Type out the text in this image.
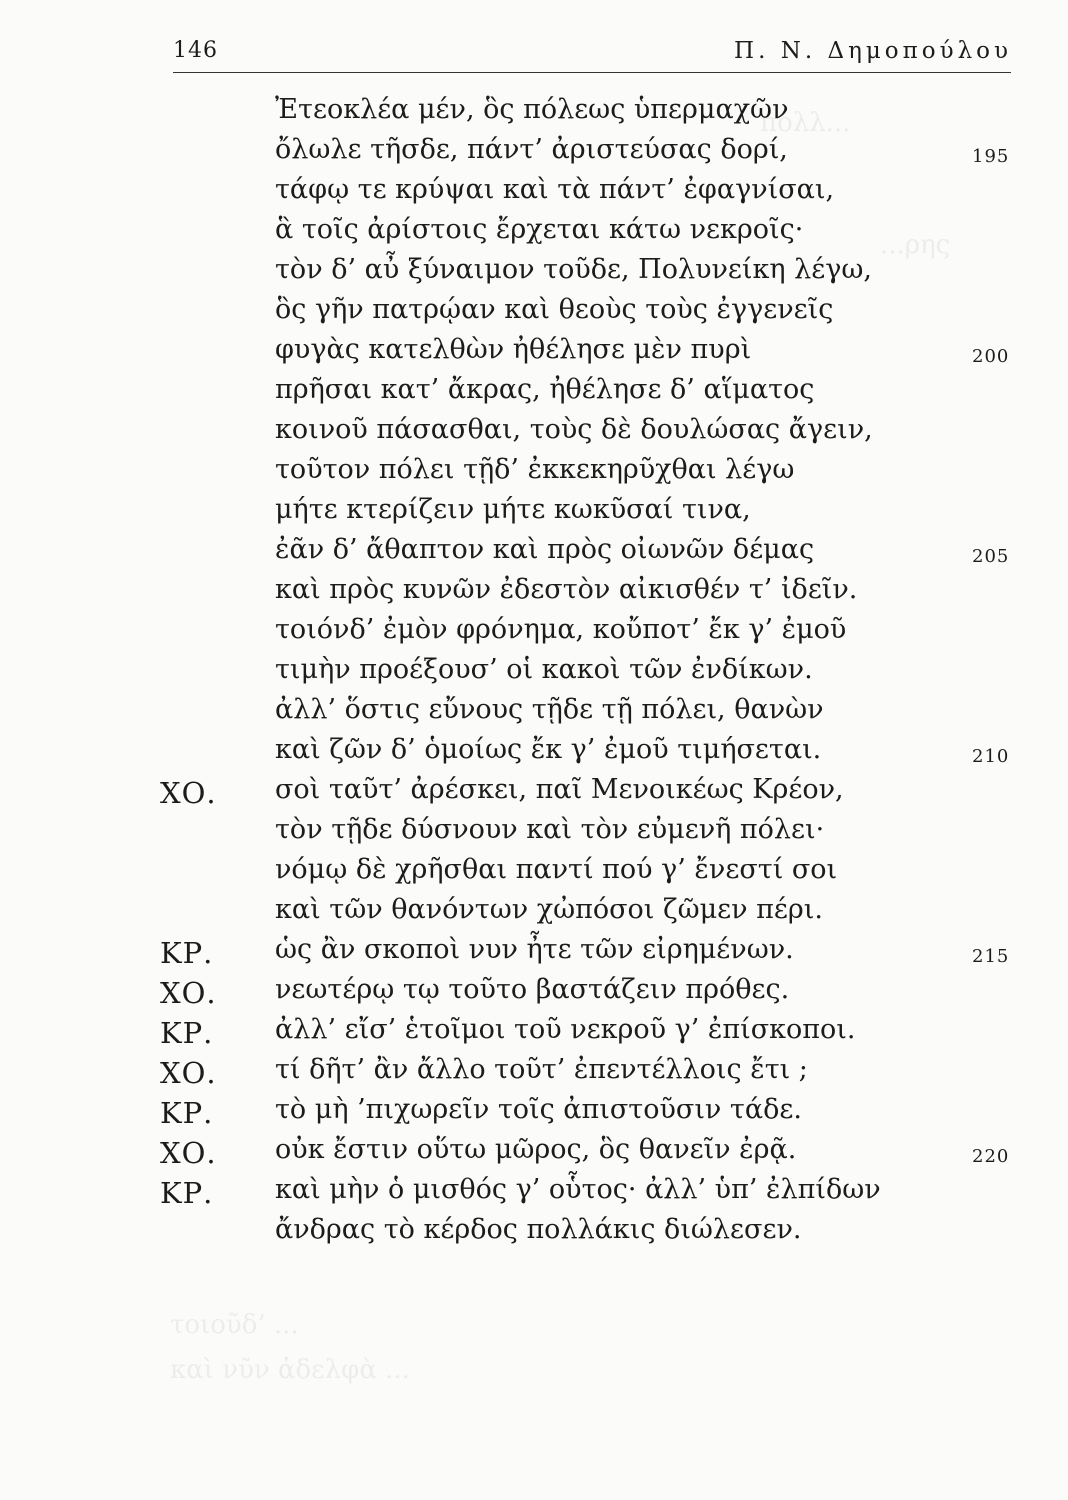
πολλ...
...ρης
τοιοῦδ’ ...
καὶ νῦν ἀδελφὰ ...
146	Π. Ν. Δημοπούλου
Ἐτεοκλέα μέν, ὃς πόλεως ὑπερμαχῶν
ὄλωλε τῆσδε, πάντ’ ἀριστεύσας δορί,	195
τάφῳ τε κρύψαι καὶ τὰ πάντ’ ἐφαγνίσαι,
ἃ τοῖς ἀρίστοις ἔρχεται κάτω νεκροῖς·
τὸν δ’ αὖ ξύναιμον τοῦδε, Πολυνείκη λέγω,
ὃς γῆν πατρῴαν καὶ θεοὺς τοὺς ἐγγενεῖς
φυγὰς κατελθὼν ἠθέλησε μὲν πυρὶ	200
πρῆσαι κατ’ ἄκρας, ἠθέλησε δ’ αἵματος
κοινοῦ πάσασθαι, τοὺς δὲ δουλώσας ἄγειν,
τοῦτον πόλει τῇδ’ ἐκκεκηρῦχθαι λέγω
μήτε κτερίζειν μήτε κωκῦσαί τινα,
ἐᾶν δ’ ἄθαπτον καὶ πρὸς οἰωνῶν δέμας	205
καὶ πρὸς κυνῶν ἐδεστὸν αἰκισθέν τ’ ἰδεῖν.
τοιόνδ’ ἐμὸν φρόνημα, κοὔποτ’ ἔκ γ’ ἐμοῦ
τιμὴν προέξουσ’ οἱ κακοὶ τῶν ἐνδίκων.
ἀλλ’ ὅστις εὔνους τῇδε τῇ πόλει, θανὼν
καὶ ζῶν δ’ ὁμοίως ἔκ γ’ ἐμοῦ τιμήσεται.	210
ΧΟ. σοὶ ταῦτ’ ἀρέσκει, παῖ Μενοικέως Κρέον,
τὸν τῇδε δύσνουν καὶ τὸν εὐμενῆ πόλει·
νόμῳ δὲ χρῆσθαι παντί πού γ’ ἔνεστί σοι
καὶ τῶν θανόντων χὠπόσοι ζῶμεν πέρι.
ΚΡ. ὡς ἂν σκοποὶ νυν ἦτε τῶν εἰρημένων.	215
ΧΟ. νεωτέρῳ τῳ τοῦτο βαστάζειν πρόθες.
ΚΡ. ἀλλ’ εἴσ’ ἑτοῖμοι τοῦ νεκροῦ γ’ ἐπίσκοποι.
ΧΟ. τί δῆτ’ ἂν ἄλλο τοῦτ’ ἐπεντέλλοις ἔτι ;
ΚΡ. τὸ μὴ ’πιχωρεῖν τοῖς ἀπιστοῦσιν τάδε.
ΧΟ. οὐκ ἔστιν οὕτω μῶρος, ὃς θανεῖν ἐρᾷ.	220
ΚΡ. καὶ μὴν ὁ μισθός γ’ οὗτος· ἀλλ’ ὑπ’ ἐλπίδων
ἄνδρας τὸ κέρδος πολλάκις διώλεσεν.
